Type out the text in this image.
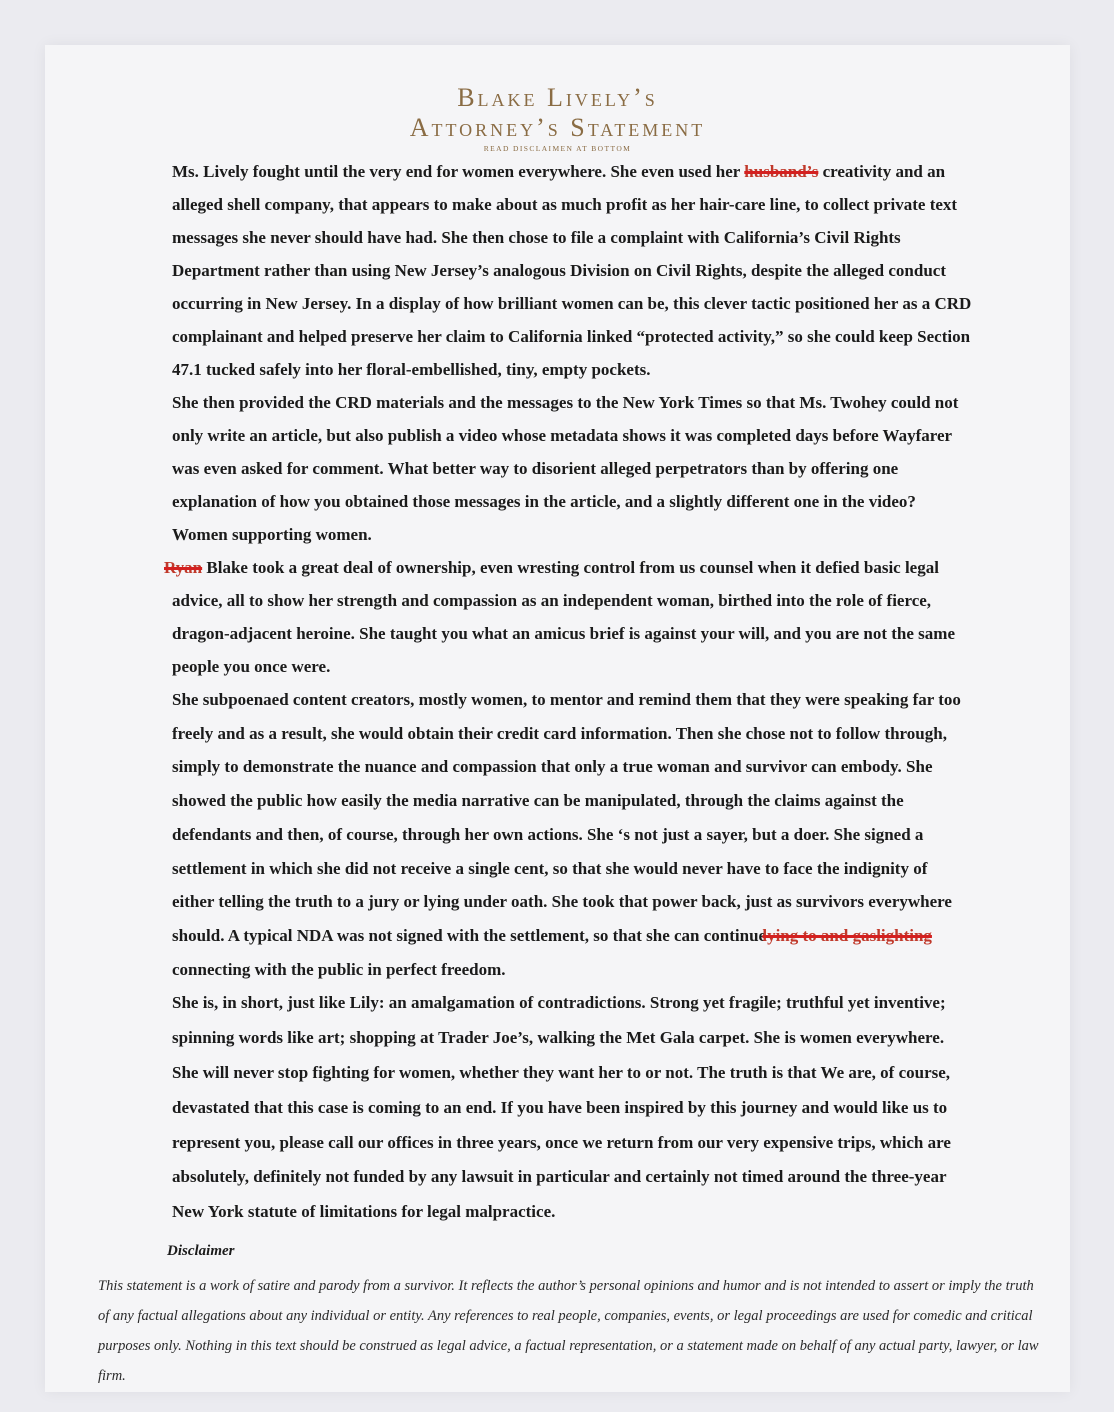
Blake Lively’s
Attorney’s Statement
READ DISCLAIMEN AT BOTTOM

Ms. Lively fought until the very end for women everywhere. She even used her husband’s creativity and an alleged shell company, that appears to make about as much profit as her hair-care line, to collect private text messages she never should have had. She then chose to file a complaint with California’s Civil Rights Department rather than using New Jersey’s analogous Division on Civil Rights, despite the alleged conduct occurring in New Jersey. In a display of how brilliant women can be, this clever tactic positioned her as a CRD complainant and helped preserve her claim to California linked “protected activity,” so she could keep Section 47.1 tucked safely into her floral-embellished, tiny, empty pockets.

She then provided the CRD materials and the messages to the New York Times so that Ms. Twohey could not only write an article, but also publish a video whose metadata shows it was completed days before Wayfarer was even asked for comment. What better way to disorient alleged perpetrators than by offering one explanation of how you obtained those messages in the article, and a slightly different one in the video? Women supporting women.

Ryan Blake took a great deal of ownership, even wresting control from us counsel when it defied basic legal advice, all to show her strength and compassion as an independent woman, birthed into the role of fierce, dragon-adjacent heroine. She taught you what an amicus brief is against your will, and you are not the same people you once were.

She subpoenaed content creators, mostly women, to mentor and remind them that they were speaking far too freely and as a result, she would obtain their credit card information. Then she chose not to follow through, simply to demonstrate the nuance and compassion that only a true woman and survivor can embody. She showed the public how easily the media narrative can be manipulated, through the claims against the defendants and then, of course, through her own actions. She ‘s not just a sayer, but a doer. She signed a settlement in which she did not receive a single cent, so that she would never have to face the indignity of either telling the truth to a jury or lying under oath. She took that power back, just as survivors everywhere should. A typical NDA was not signed with the settlement, so that she can continue lying to and gaslighting connecting with the public in perfect freedom.

She is, in short, just like Lily: an amalgamation of contradictions. Strong yet fragile; truthful yet inventive; spinning words like art; shopping at Trader Joe’s, walking the Met Gala carpet. She is women everywhere. She will never stop fighting for women, whether they want her to or not. The truth is that We are, of course, devastated that this case is coming to an end. If you have been inspired by this journey and would like us to represent you, please call our offices in three years, once we return from our very expensive trips, which are absolutely, definitely not funded by any lawsuit in particular and certainly not timed around the three-year New York statute of limitations for legal malpractice.

Disclaimer

This statement is a work of satire and parody from a survivor. It reflects the author’s personal opinions and humor and is not intended to assert or imply the truth of any factual allegations about any individual or entity. Any references to real people, companies, events, or legal proceedings are used for comedic and critical purposes only. Nothing in this text should be construed as legal advice, a factual representation, or a statement made on behalf of any actual party, lawyer, or law firm.
